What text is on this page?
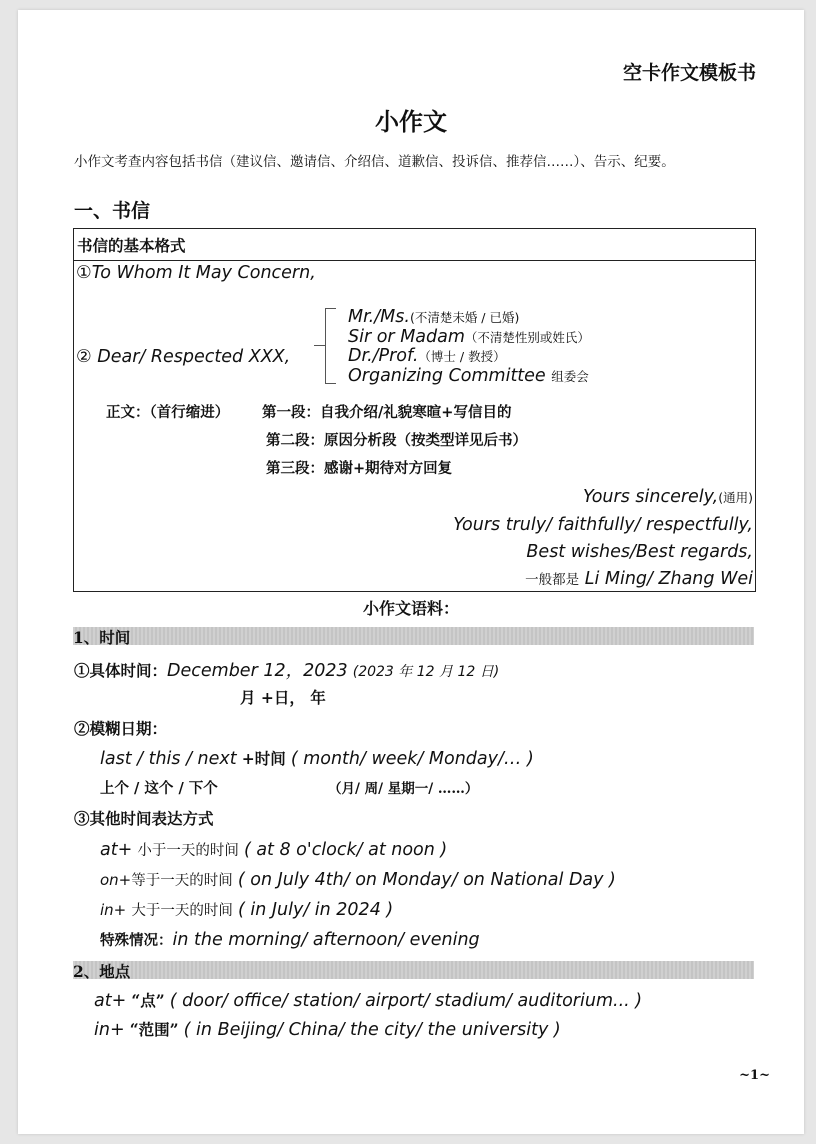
空卡作文模板书
小作文
小作文考查内容包括书信（建议信、邀请信、介绍信、道歉信、投诉信、推荐信……）、告示、纪要。
一、书信
书信的基本格式
①To Whom It May Concern,
② Dear/ Respected XXX,
Mr./Ms.(不清楚未婚 / 已婚)
Sir or Madam（不清楚性别或姓氏）
Dr./Prof.（博士 / 教授）
Organizing Committee 组委会
正文：（首行缩进） 第一段：自我介绍/礼貌寒暄+写信目的
第二段：原因分析段（按类型详见后书）
第三段：感谢+期待对方回复
Yours sincerely,(通用)
Yours truly/ faithfully/ respectfully,
Best wishes/Best regards,
一般都是 Li Ming/ Zhang Wei
小作文语料：
1、时间
①具体时间：December 12，2023 (2023 年 12 月 12 日)
月 +日， 年
②模糊日期：
last / this / next +时间 ( month/ week/ Monday/… )
上个 / 这个 / 下个	（月/ 周/ 星期一/ ……）
③其他时间表达方式
at+ 小于一天的时间 ( at 8 o'clock/ at noon )
on+等于一天的时间 ( on July 4th/ on Monday/ on National Day )
in+ 大于一天的时间 ( in July/ in 2024 )
特殊情况：in the morning/ afternoon/ evening
2、地点
at+ “点” ( door/ office/ station/ airport/ stadium/ auditorium... )
in+ “范围” ( in Beijing/ China/ the city/ the university )
~1~
